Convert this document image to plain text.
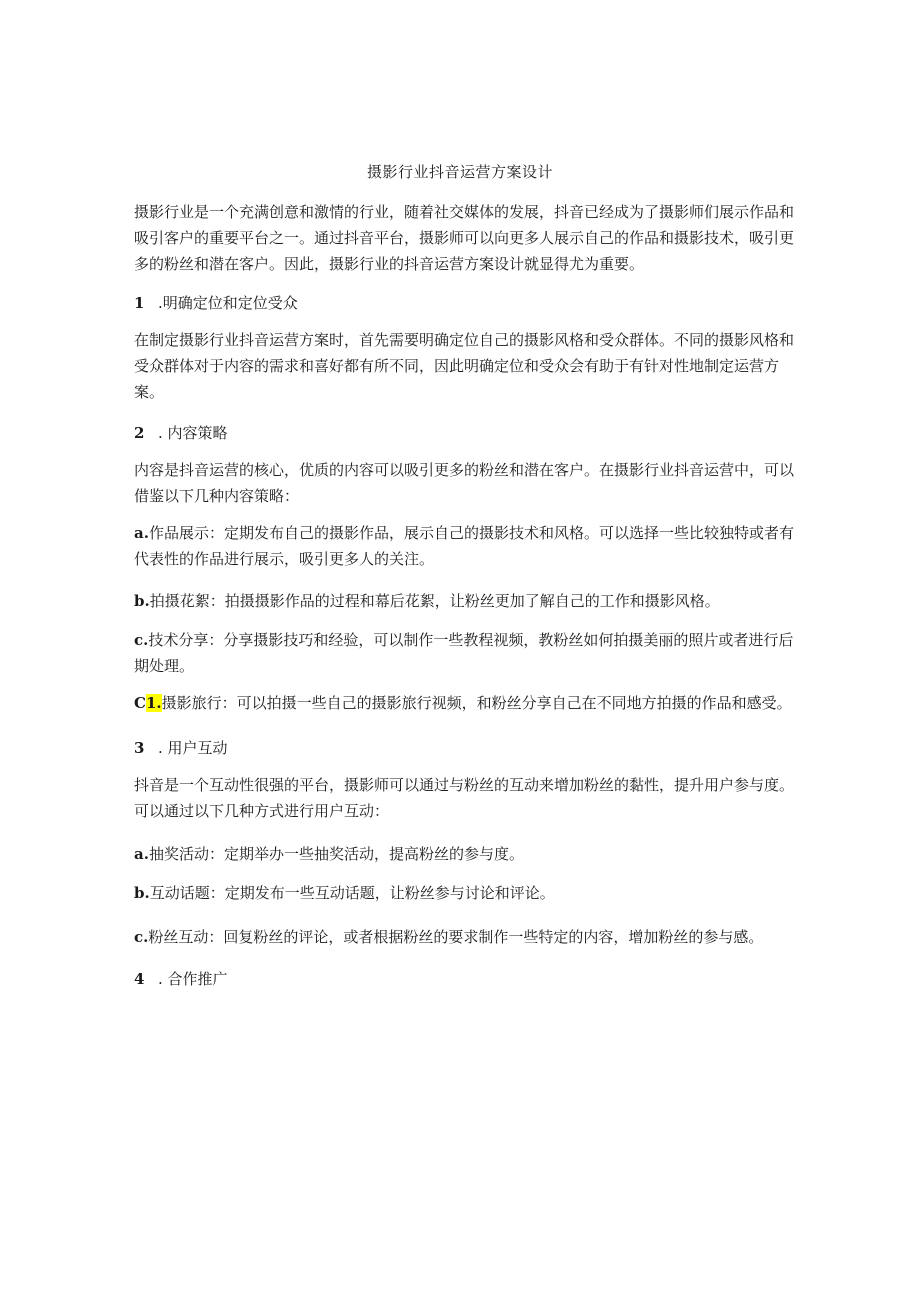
摄影行业抖音运营方案设计

摄影行业是一个充满创意和激情的行业，随着社交媒体的发展，抖音已经成为了摄影师们展示作品和吸引客户的重要平台之一。通过抖音平台，摄影师可以向更多人展示自己的作品和摄影技术，吸引更多的粉丝和潜在客户。因此，摄影行业的抖音运营方案设计就显得尤为重要。

1 .明确定位和定位受众

在制定摄影行业抖音运营方案时，首先需要明确定位自己的摄影风格和受众群体。不同的摄影风格和受众群体对于内容的需求和喜好都有所不同，因此明确定位和受众会有助于有针对性地制定运营方案。

2 . 内容策略

内容是抖音运营的核心，优质的内容可以吸引更多的粉丝和潜在客户。在摄影行业抖音运营中，可以借鉴以下几种内容策略：

a.作品展示：定期发布自己的摄影作品，展示自己的摄影技术和风格。可以选择一些比较独特或者有代表性的作品进行展示，吸引更多人的关注。

b.拍摄花絮：拍摄摄影作品的过程和幕后花絮，让粉丝更加了解自己的工作和摄影风格。

c.技术分享：分享摄影技巧和经验，可以制作一些教程视频，教粉丝如何拍摄美丽的照片或者进行后期处理。

C1.摄影旅行：可以拍摄一些自己的摄影旅行视频，和粉丝分享自己在不同地方拍摄的作品和感受。

3 . 用户互动

抖音是一个互动性很强的平台，摄影师可以通过与粉丝的互动来增加粉丝的黏性，提升用户参与度。可以通过以下几种方式进行用户互动：

a.抽奖活动：定期举办一些抽奖活动，提高粉丝的参与度。

b.互动话题：定期发布一些互动话题，让粉丝参与讨论和评论。

c.粉丝互动：回复粉丝的评论，或者根据粉丝的要求制作一些特定的内容，增加粉丝的参与感。

4 . 合作推广
